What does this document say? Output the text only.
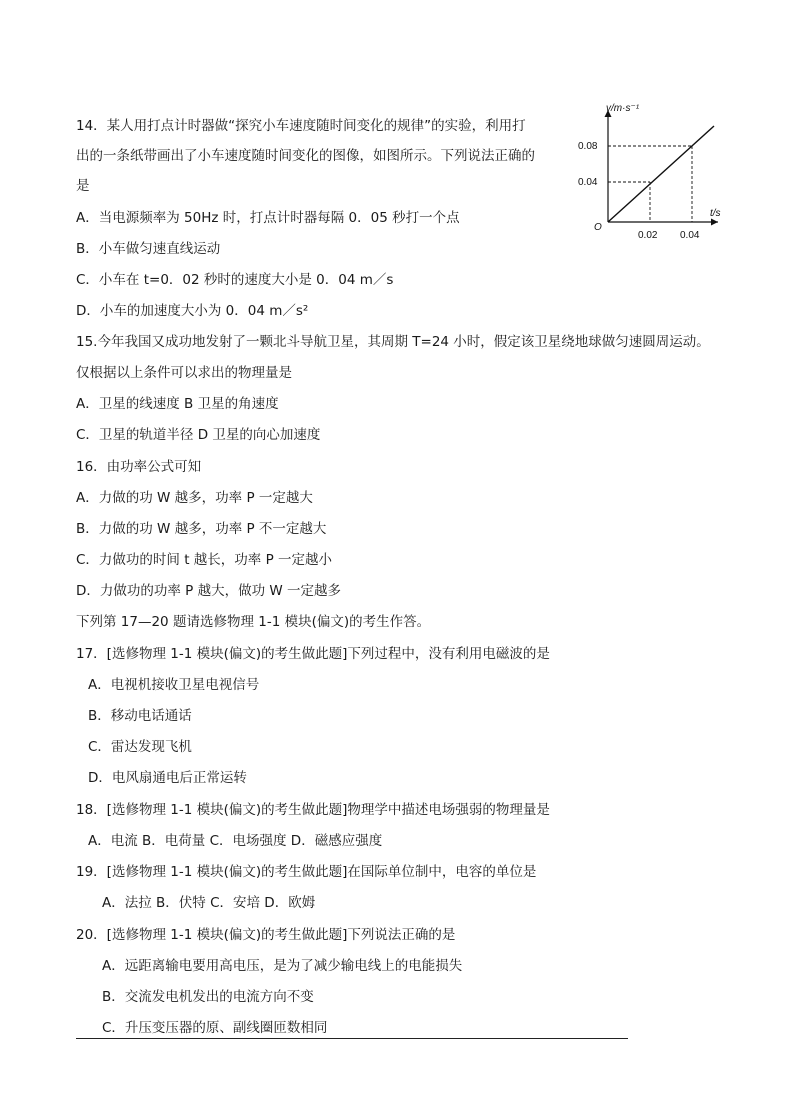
14．某人用打点计时器做“探究小车速度随时间变化的规律”的实验，利用打
出的一条纸带画出了小车速度随时间变化的图像，如图所示。下列说法正确的
是
A．当电源频率为 50Hz 时，打点计时器每隔 0．05 秒打一个点
B．小车做匀速直线运动
C．小车在 t=0．02 秒时的速度大小是 0．04 m／s
D．小车的加速度大小为 0．04 m／s²
v/m·s⁻¹
t/s
O
0.08
0.04
0.02 0.04
15.今年我国又成功地发射了一颗北斗导航卫星，其周期 T=24 小时，假定该卫星绕地球做匀速圆周运动。
仅根据以上条件可以求出的物理量是
A．卫星的线速度 B 卫星的角速度
C．卫星的轨道半径 D 卫星的向心加速度
16．由功率公式可知
A．力做的功 W 越多，功率 P 一定越大
B．力做的功 W 越多，功率 P 不一定越大
C．力做功的时间 t 越长，功率 P 一定越小
D．力做功的功率 P 越大，做功 W 一定越多
下列第 17—20 题请选修物理 1-1 模块(偏文)的考生作答。
17．[选修物理 1-1 模块(偏文)的考生做此题]下列过程中，没有利用电磁波的是
A．电视机接收卫星电视信号
B．移动电话通话
C．雷达发现飞机
D．电风扇通电后正常运转
18．[选修物理 1-1 模块(偏文)的考生做此题]物理学中描述电场强弱的物理量是
A．电流 B．电荷量 C．电场强度 D．磁感应强度
19．[选修物理 1-1 模块(偏文)的考生做此题]在国际单位制中，电容的单位是
A．法拉 B．伏特 C．安培 D．欧姆
20．[选修物理 1-1 模块(偏文)的考生做此题]下列说法正确的是
A．远距离输电要用高电压，是为了减少输电线上的电能损失
B．交流发电机发出的电流方向不变
C．升压变压器的原、副线圈匝数相同
